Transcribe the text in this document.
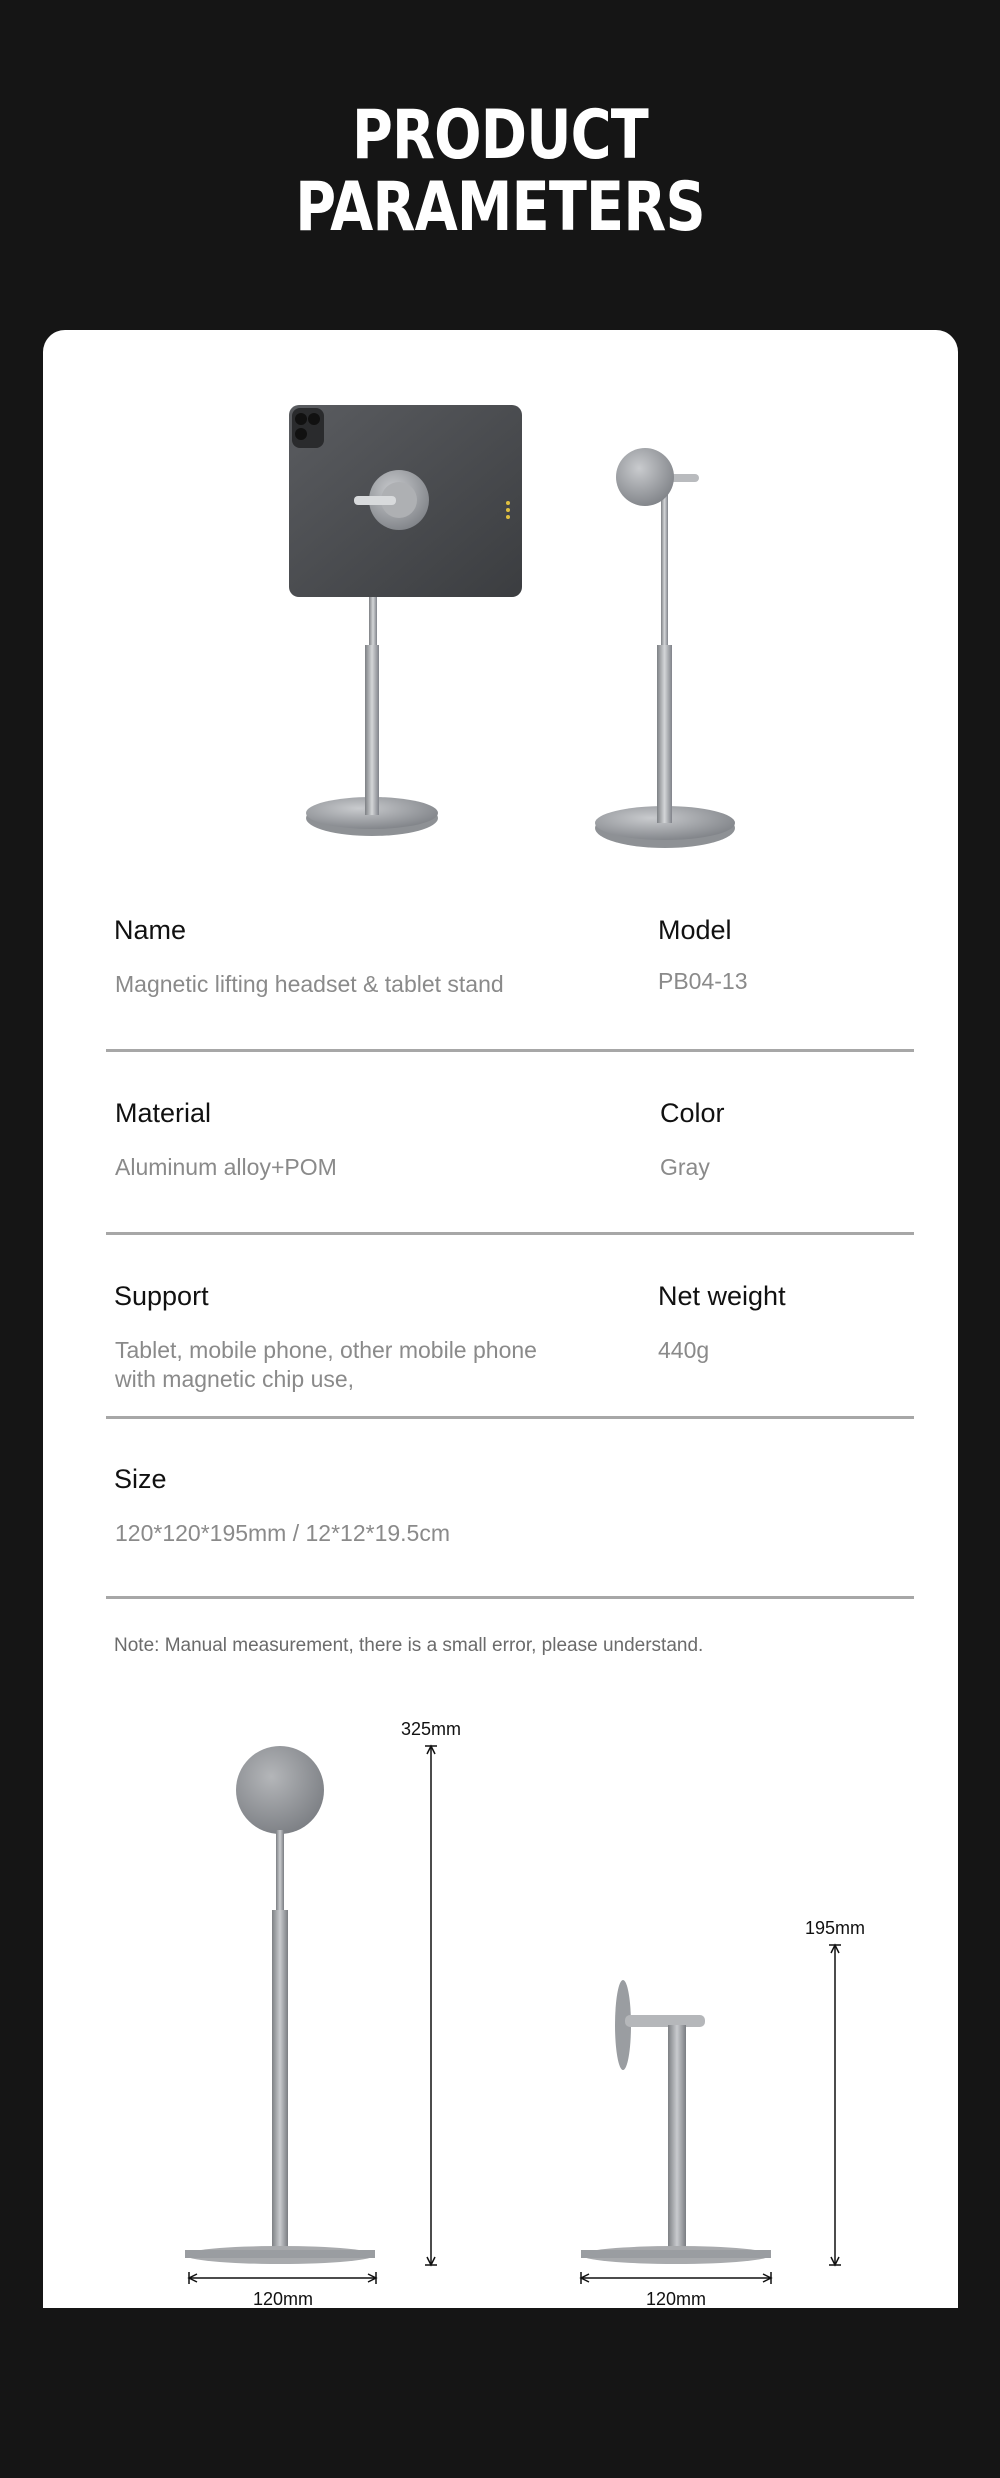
PRODUCT
PARAMETERS
Name
Magnetic lifting headset & tablet stand
Model
PB04-13
Material
Aluminum alloy+POM
Color
Gray
Support
Tablet, mobile phone, other mobile phone
with magnetic chip use,
Net weight
440g
Size
120*120*195mm / 12*12*19.5cm
Note: Manual measurement, there is a small error, please understand.
325mm
195mm
120mm	120mm
